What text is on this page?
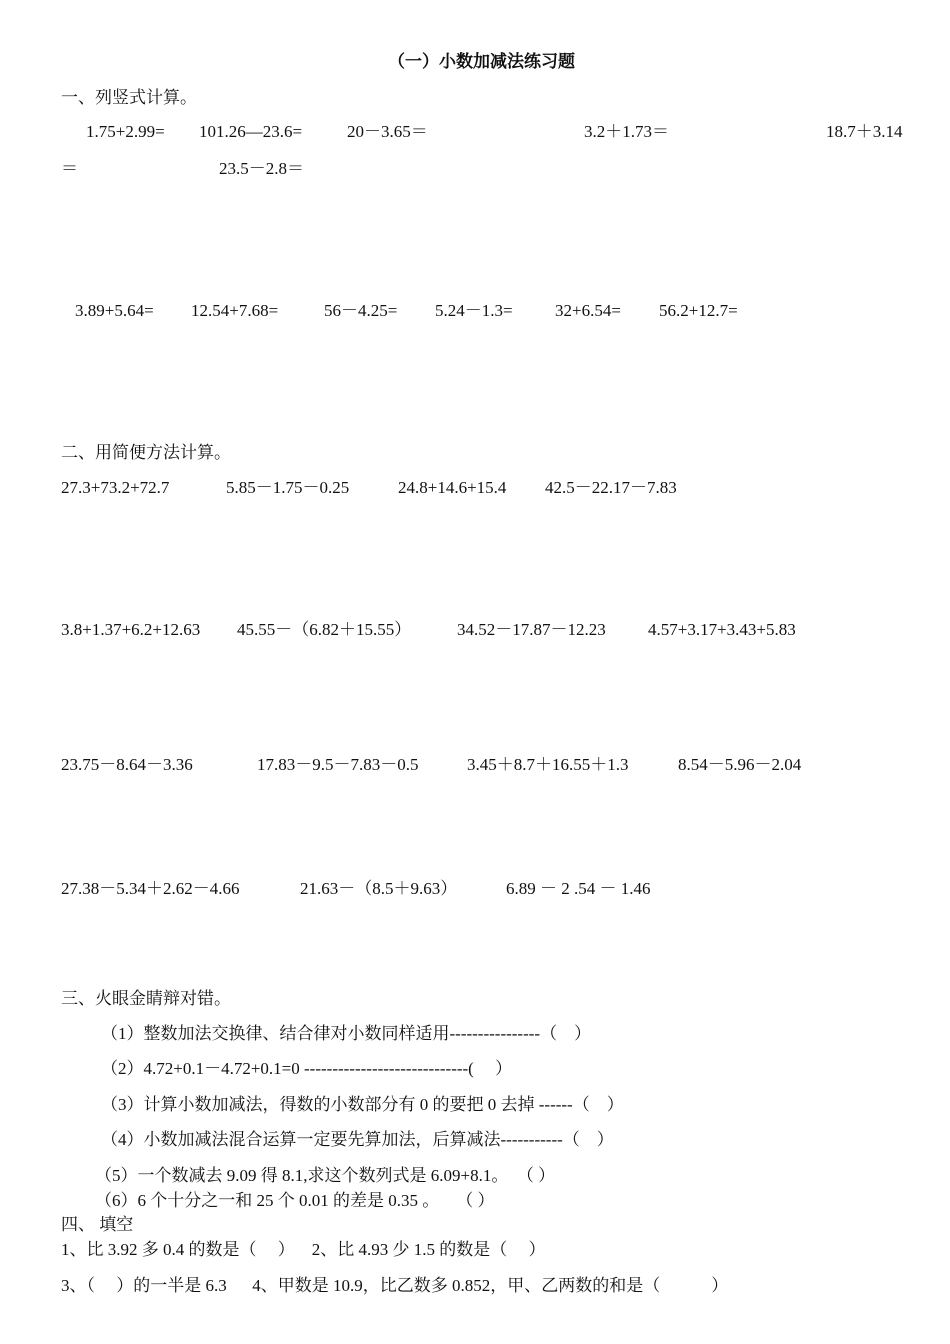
（一）小数加减法练习题
一、列竖式计算。
1.75+2.99= 101.26—23.6=	20－3.65＝	3.2＋1.73＝	18.7＋3.14
＝	23.5－2.8＝
3.89+5.64= 12.54+7.68=	56－4.25= 5.24－1.3= 32+6.54= 56.2+12.7=
二、用简便方法计算。
27.3+73.2+72.7	5.85－1.75－0.25	24.8+14.6+15.4 42.5－22.17－7.83
3.8+1.37+6.2+12.63 45.55－（6.82＋15.55）	34.52－17.87－12.23 4.57+3.17+3.43+5.83
23.75－8.64－3.36	17.83－9.5－7.83－0.5	3.45＋8.7＋16.55＋1.3	8.54－5.96－2.04
27.38－5.34＋2.62－4.66	21.63－（8.5＋9.63）	6.89 － 2 .54 － 1.46
三、火眼金睛辩对错。
（1）整数加法交换律、结合律对小数同样适用----------------（    ）
（2）4.72+0.1－4.72+0.1=0 -----------------------------(     ）
（3）计算小数加减法，得数的小数部分有 0 的要把 0 去掉 ------（    ）
（4）小数加减法混合运算一定要先算加法，后算减法-----------（    ）
（5）一个数减去 9.09 得 8.1,求这个数列式是 6.09+8.1。  （ ）
（6）6 个十分之一和 25 个 0.01 的差是 0.35 。    （ ）
四、 填空
1、比 3.92 多 0.4 的数是（     ）    2、比 4.93 少 1.5 的数是（     ）
3、（     ）的一半是 6.3      4、甲数是 10.9，比乙数多 0.852，甲、乙两数的和是（            ）
